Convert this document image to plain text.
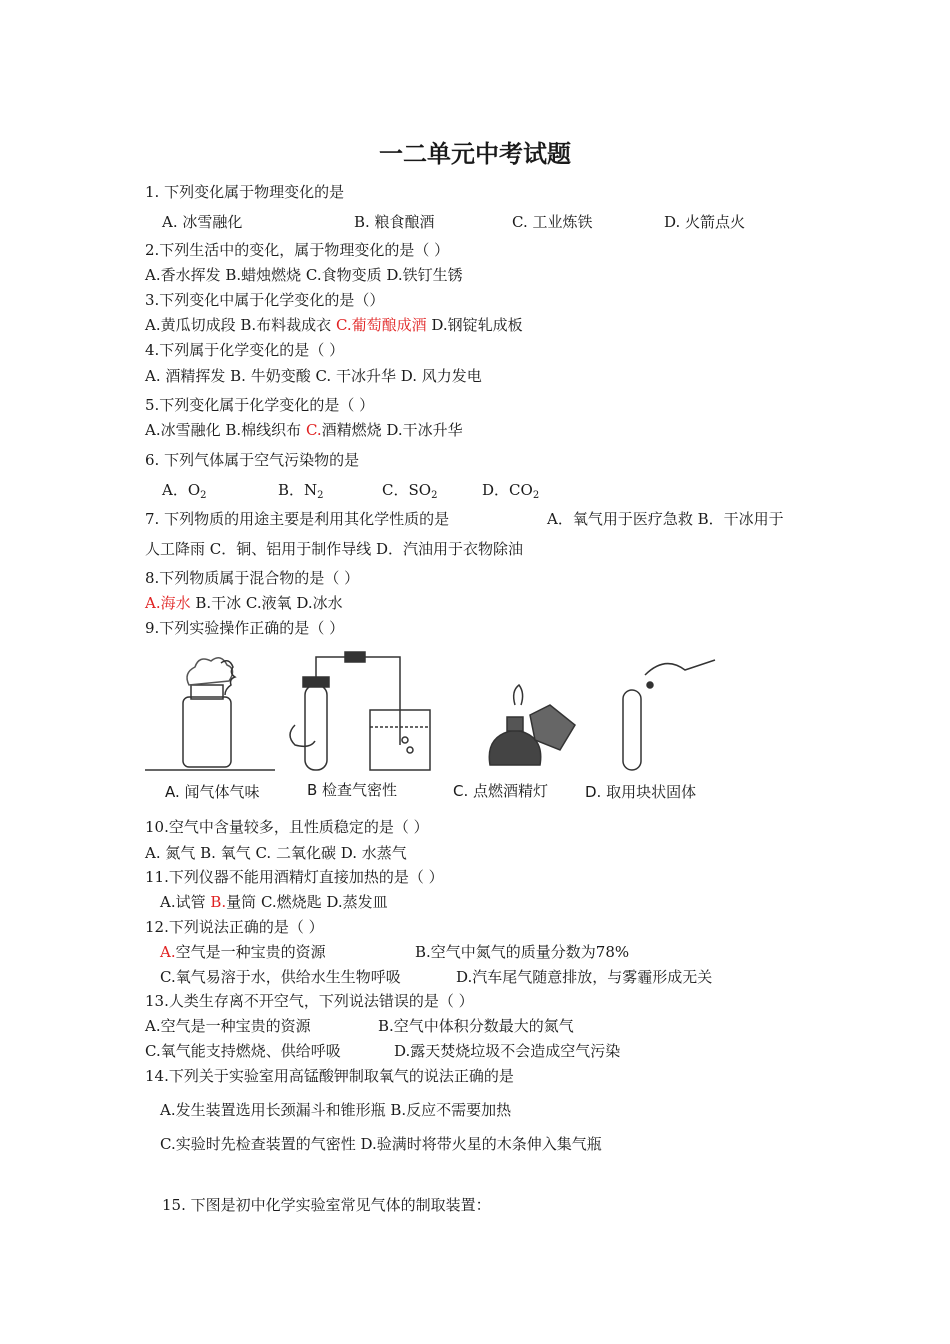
一二单元中考试题
1. 下列变化属于物理变化的是
A. 冰雪融化	B. 粮食酿酒	C. 工业炼铁	D. 火箭点火
2.下列生活中的变化，属于物理变化的是（ ）
A.香水挥发 B.蜡烛燃烧 C.食物变质 D.铁钉生锈
3.下列变化中属于化学变化的是（）
A.黄瓜切成段 B.布料裁成衣 C.葡萄酿成酒 D.钢锭轧成板
4.下列属于化学变化的是（ ）
A. 酒精挥发 B. 牛奶变酸 C. 干冰升华 D. 风力发电
5.下列变化属于化学变化的是（ ）
A.冰雪融化 B.棉线织布 C.酒精燃烧 D.干冰升华
6. 下列气体属于空气污染物的是
A．$O_2$	B．$N_2$	C．$SO_2$	D．$CO_2$
7. 下列物质的用途主要是利用其化学性质的是	A．氧气用于医疗急救 B．干冰用于
人工降雨 C．铜、铝用于制作导线 D．汽油用于衣物除油
8.下列物质属于混合物的是（ ）
A.海水 B.干冰 C.液氧 D.冰水
9.下列实验操作正确的是（ ）
A. 闻气体气味	B 检查气密性	C. 点燃酒精灯 D. 取用块状固体
10.空气中含量较多，且性质稳定的是（ ）
A. 氮气 B. 氧气 C. 二氧化碳 D. 水蒸气
11.下列仪器不能用酒精灯直接加热的是（ ）
A.试管 B.量筒 C.燃烧匙 D.蒸发皿
12.下列说法正确的是（ ）
A.空气是一种宝贵的资源	B.空气中氮气的质量分数为78%
C.氧气易溶于水，供给水生生物呼吸	D.汽车尾气随意排放，与雾霾形成无关
13.人类生存离不开空气，下列说法错误的是（ ）
A.空气是一种宝贵的资源	B.空气中体积分数最大的氮气
C.氧气能支持燃烧、供给呼吸	D.露天焚烧垃圾不会造成空气污染
14.下列关于实验室用高锰酸钾制取氧气的说法正确的是
A.发生装置选用长颈漏斗和锥形瓶 B.反应不需要加热
C.实验时先检查装置的气密性 D.验满时将带火星的木条伸入集气瓶
15. 下图是初中化学实验室常见气体的制取装置：
